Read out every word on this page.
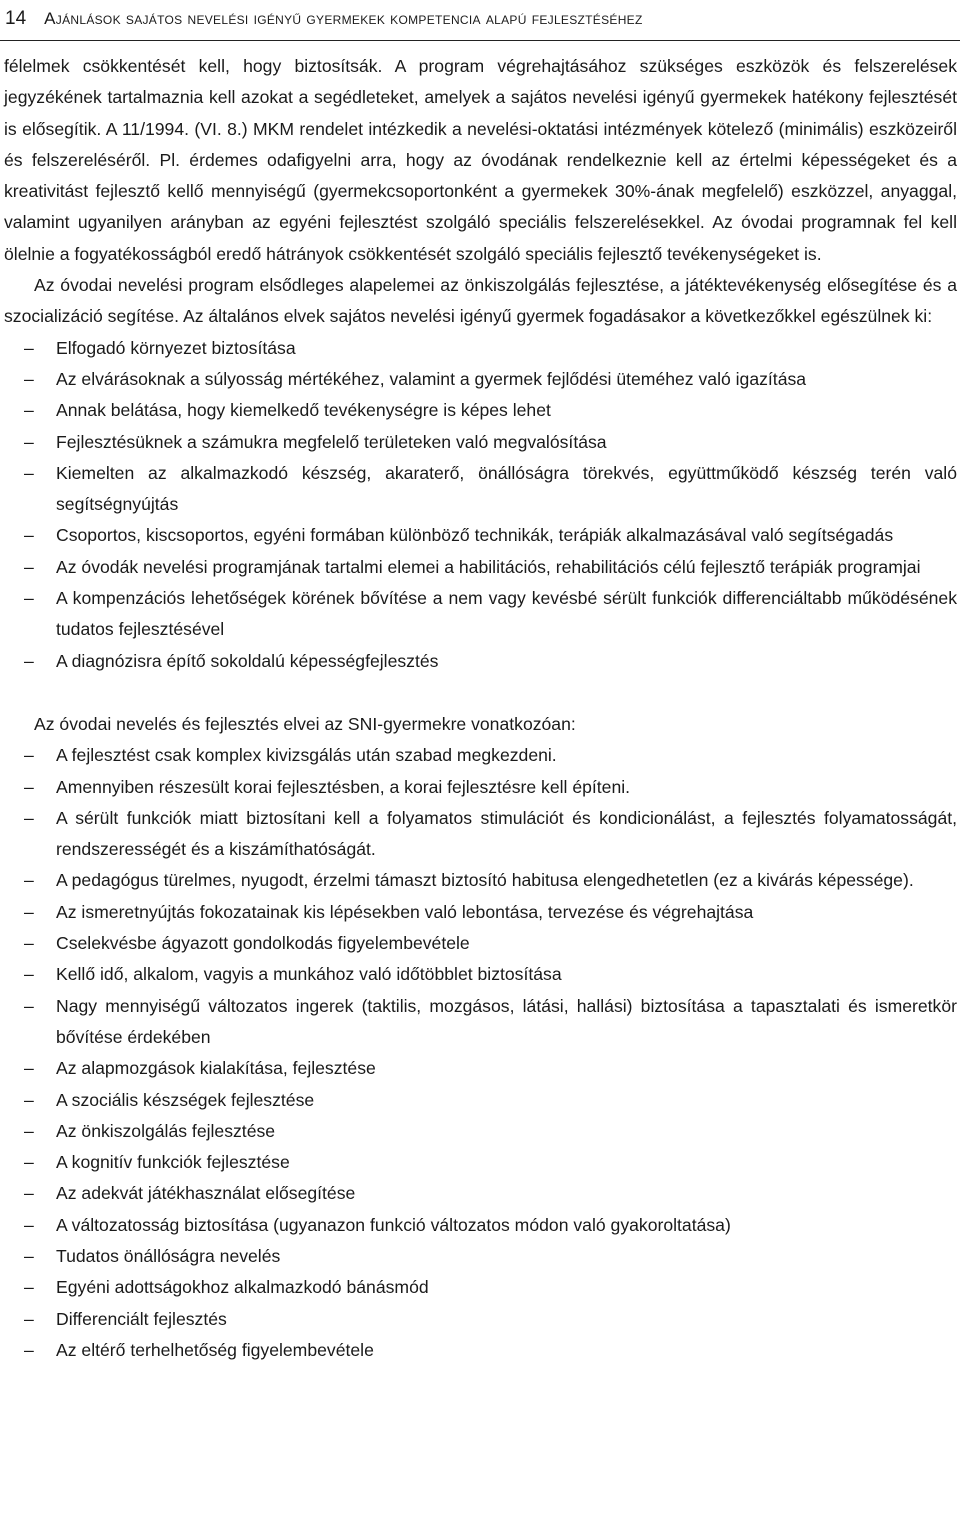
14	Ajánlások sajátos nevelési igényű gyermekek kompetencia alapú fejlesztéséhez

félelmek csökkentését kell, hogy biztosítsák. A program végrehajtásához szükséges eszközök és felszerelések jegyzékének tartalmaznia kell azokat a segédleteket, amelyek a sajátos nevelési igényű gyermekek hatékony fejlesztését is elősegítik. A 11/1994. (VI. 8.) MKM rendelet intézkedik a nevelési-oktatási intézmények kötelező (minimális) eszközeiről és felszereléséről. Pl. érdemes odafigyelni arra, hogy az óvodának rendelkeznie kell az értelmi képességeket és a kreativitást fejlesztő kellő mennyiségű (gyermekcsoportonként a gyermekek 30%-ának megfelelő) eszközzel, anyaggal, valamint ugyanilyen arányban az egyéni fejlesztést szolgáló speciális felszerelésekkel. Az óvodai programnak fel kell ölelnie a fogyatékosságból eredő hátrányok csökkentését szolgáló speciális fejlesztő tevékenységeket is.

Az óvodai nevelési program elsődleges alapelemei az önkiszolgálás fejlesztése, a játéktevékenység elősegítése és a szocializáció segítése. Az általános elvek sajátos nevelési igényű gyermek fogadásakor a következőkkel egészülnek ki:

– Elfogadó környezet biztosítása
– Az elvárásoknak a súlyosság mértékéhez, valamint a gyermek fejlődési üteméhez való igazítása
– Annak belátása, hogy kiemelkedő tevékenységre is képes lehet
– Fejlesztésüknek a számukra megfelelő területeken való megvalósítása
– Kiemelten az alkalmazkodó készség, akaraterő, önállóságra törekvés, együttműködő készség terén való segítségnyújtás
– Csoportos, kiscsoportos, egyéni formában különböző technikák, terápiák alkalmazásával való segítségadás
– Az óvodák nevelési programjának tartalmi elemei a habilitációs, rehabilitációs célú fejlesztő terápiák programjai
– A kompenzációs lehetőségek körének bővítése a nem vagy kevésbé sérült funkciók differenciáltabb működésének tudatos fejlesztésével
– A diagnózisra építő sokoldalú képességfejlesztés

Az óvodai nevelés és fejlesztés elvei az SNI-gyermekre vonatkozóan:

– A fejlesztést csak komplex kivizsgálás után szabad megkezdeni.
– Amennyiben részesült korai fejlesztésben, a korai fejlesztésre kell építeni.
– A sérült funkciók miatt biztosítani kell a folyamatos stimulációt és kondicionálást, a fejlesztés folyamatosságát, rendszerességét és a kiszámíthatóságát.
– A pedagógus türelmes, nyugodt, érzelmi támaszt biztosító habitusa elengedhetetlen (ez a kivárás képessége).
– Az ismeretnyújtás fokozatainak kis lépésekben való lebontása, tervezése és végrehajtása
– Cselekvésbe ágyazott gondolkodás figyelembevétele
– Kellő idő, alkalom, vagyis a munkához való időtöbblet biztosítása
– Nagy mennyiségű változatos ingerek (taktilis, mozgásos, látási, hallási) biztosítása a tapasztalati és ismeretkör bővítése érdekében
– Az alapmozgások kialakítása, fejlesztése
– A szociális készségek fejlesztése
– Az önkiszolgálás fejlesztése
– A kognitív funkciók fejlesztése
– Az adekvát játékhasználat elősegítése
– A változatosság biztosítása (ugyanazon funkció változatos módon való gyakoroltatása)
– Tudatos önállóságra nevelés
– Egyéni adottságokhoz alkalmazkodó bánásmód
– Differenciált fejlesztés
– Az eltérő terhelhetőség figyelembevétele
